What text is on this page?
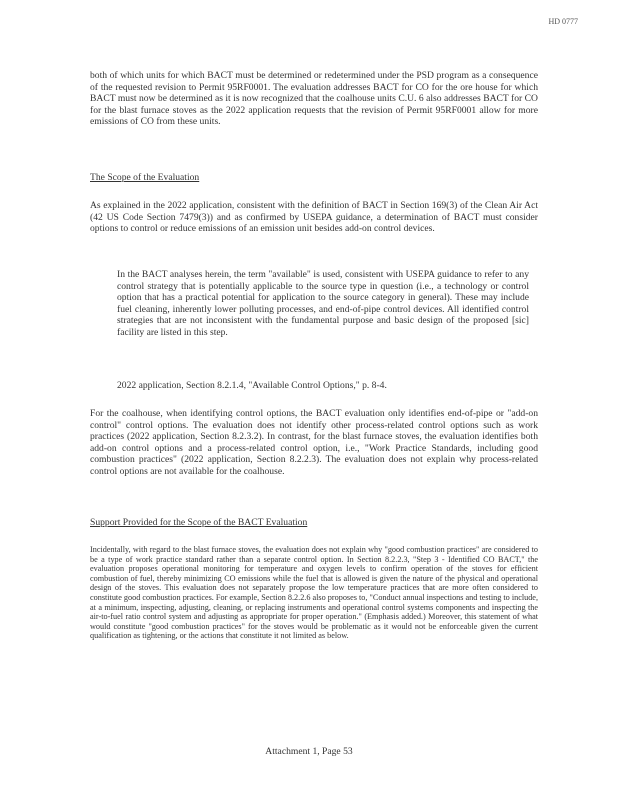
HD 0777

both of which units for which BACT must be determined or redetermined under the PSD program as a consequence of the requested revision to Permit 95RF0001. The evaluation addresses BACT for CO for the ore house for which BACT must now be determined as it is now recognized that the coalhouse units C.U. 6 also addresses BACT for CO for the blast furnace stoves as the 2022 application requests that the revision of Permit 95RF0001 allow for more emissions of CO from these units.

The Scope of the Evaluation

As explained in the 2022 application, consistent with the definition of BACT in Section 169(3) of the Clean Air Act (42 US Code Section 7479(3)) and as confirmed by USEPA guidance, a determination of BACT must consider options to control or reduce emissions of an emission unit besides add-on control devices.

In the BACT analyses herein, the term "available" is used, consistent with USEPA guidance to refer to any control strategy that is potentially applicable to the source type in question (i.e., a technology or control option that has a practical potential for application to the source category in general). These may include fuel cleaning, inherently lower polluting processes, and end-of-pipe control devices. All identified control strategies that are not inconsistent with the fundamental purpose and basic design of the proposed [sic] facility are listed in this step.

2022 application, Section 8.2.1.4, "Available Control Options," p. 8-4.

For the coalhouse, when identifying control options, the BACT evaluation only identifies end-of-pipe or "add-on control" control options. The evaluation does not identify other process-related control options such as work practices (2022 application, Section 8.2.3.2). In contrast, for the blast furnace stoves, the evaluation identifies both add-on control options and a process-related control option, i.e., "Work Practice Standards, including good combustion practices" (2022 application, Section 8.2.2.3). The evaluation does not explain why process-related control options are not available for the coalhouse.

Support Provided for the Scope of the BACT Evaluation

Incidentally, with regard to the blast furnace stoves, the evaluation does not explain why "good combustion practices" are considered to be a type of work practice standard rather than a separate control option. In Section 8.2.2.3, "Step 3 - Identified CO BACT," the evaluation proposes operational monitoring for temperature and oxygen levels to confirm operation of the stoves for efficient combustion of fuel, thereby minimizing CO emissions while the fuel that is allowed is given the nature of the physical and operational design of the stoves. This evaluation does not separately propose the low temperature practices that are more often considered to constitute good combustion practices. For example, Section 8.2.2.6 also proposes to, "Conduct annual inspections and testing to include, at a minimum, inspecting, adjusting, cleaning, or replacing instruments and operational control systems components and inspecting the air-to-fuel ratio control system and adjusting as appropriate for proper operation." (Emphasis added.) Moreover, this statement of what would constitute "good combustion practices" for the stoves would be problematic as it would not be enforceable given the current qualification as tightening, or the actions that constitute it not limited as below.

Attachment 1, Page 53
